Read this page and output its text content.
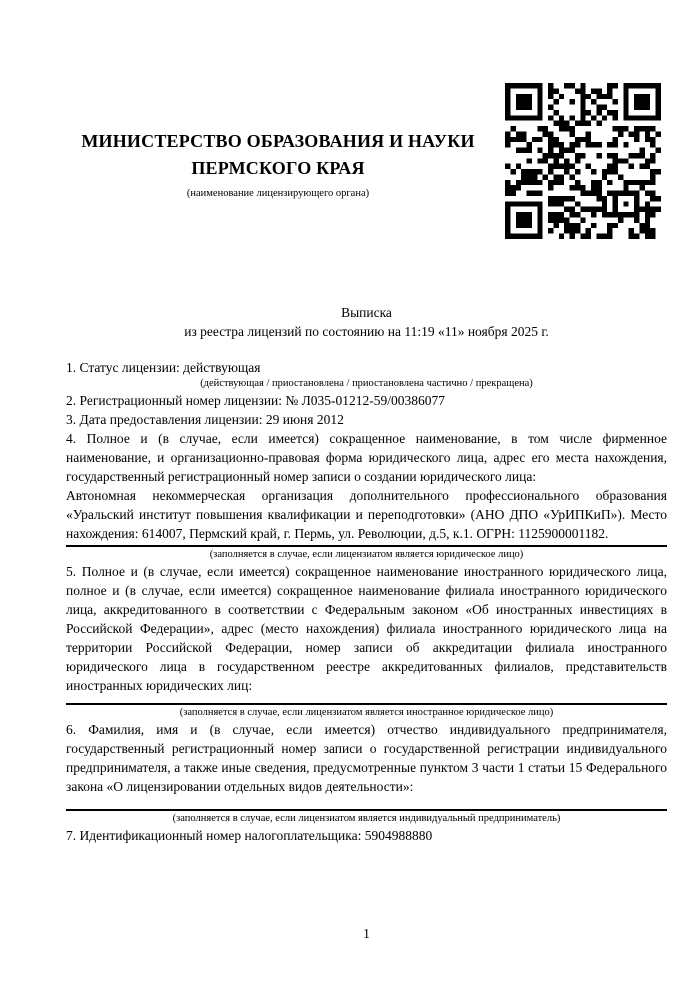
МИНИСТЕРСТВО ОБРАЗОВАНИЯ И НАУКИ ПЕРМСКОГО КРАЯ
(наименование лицензирующего органа)
Выписка
из реестра лицензий по состоянию на 11:19 «11» ноября 2025 г.

1. Статус лицензии: действующая

(действующая / приостановлена / приостановлена частично / прекращена)

2. Регистрационный номер лицензии: № Л035-01212-59/00386077

3. Дата предоставления лицензии: 29 июня 2012

4. Полное и (в случае, если имеется) сокращенное наименование, в том числе фирменное наименование, и организационно-правовая форма юридического лица, адрес его места нахождения, государственный регистрационный номер записи о создании юридического лица:

Автономная некоммерческая организация дополнительного профессионального образования «Уральский институт повышения квалификации и переподготовки» (АНО ДПО «УрИПКиП»). Место нахождения: 614007, Пермский край, г. Пермь, ул. Революции, д.5, к.1. ОГРН: 1125900001182.

(заполняется в случае, если лицензиатом является юридическое лицо)

5. Полное и (в случае, если имеется) сокращенное наименование иностранного юридического лица, полное и (в случае, если имеется) сокращенное наименование филиала иностранного юридического лица, аккредитованного в соответствии с Федеральным законом «Об иностранных инвестициях в Российской Федерации», адрес (место нахождения) филиала иностранного юридического лица на территории Российской Федерации, номер записи об аккредитации филиала иностранного юридического лица в государственном реестре аккредитованных филиалов, представительств иностранных юридических лиц:

(заполняется в случае, если лицензиатом является иностранное юридическое лицо)

6. Фамилия, имя и (в случае, если имеется) отчество индивидуального предпринимателя, государственный регистрационный номер записи о государственной регистрации индивидуального предпринимателя, а также иные сведения, предусмотренные пунктом 3 части 1 статьи 15 Федерального закона «О лицензировании отдельных видов деятельности»:

(заполняется в случае, если лицензиатом является индивидуальный предприниматель)

7. Идентификационный номер налогоплательщика: 5904988880

1
